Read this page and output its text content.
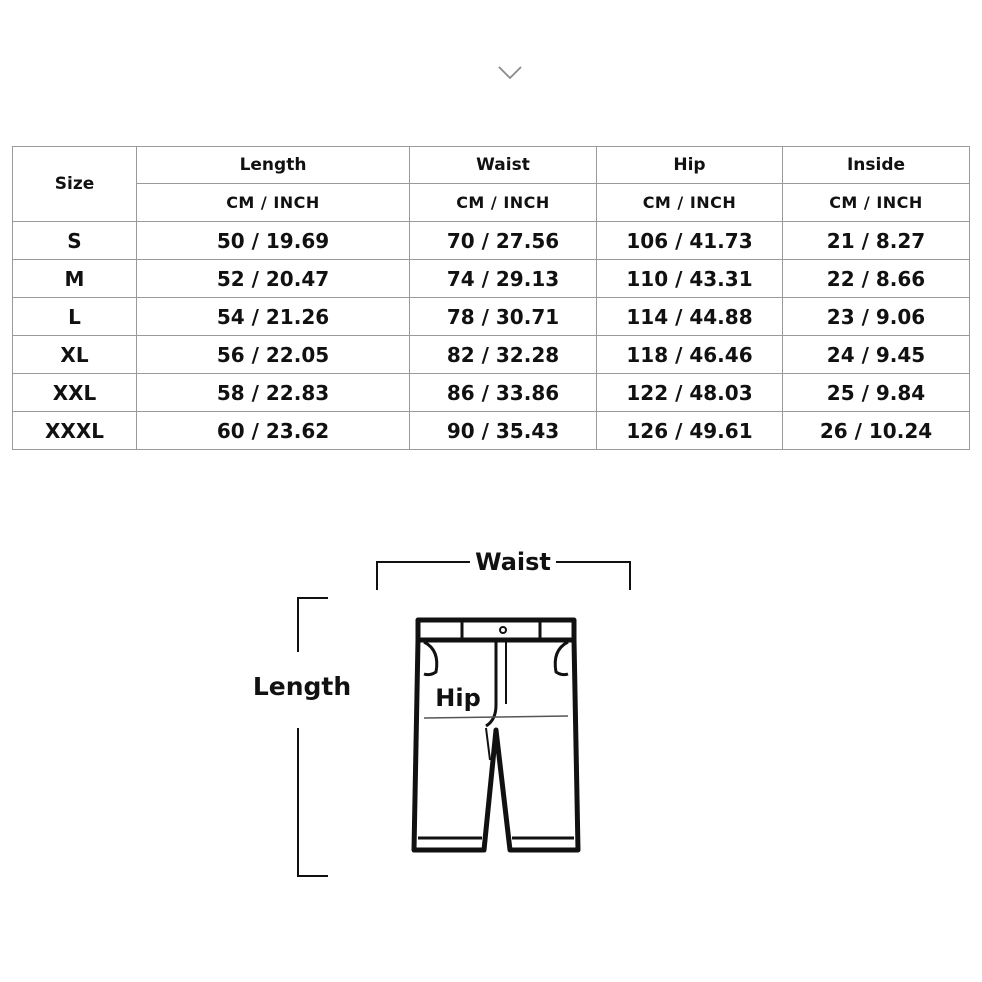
Size	Length	Waist	Hip	Inside
	CM / INCH	CM / INCH	CM / INCH	CM / INCH
S	50 / 19.69	70 / 27.56	106 / 41.73	21 / 8.27
M	52 / 20.47	74 / 29.13	110 / 43.31	22 / 8.66
L	54 / 21.26	78 / 30.71	114 / 44.88	23 / 9.06
XL	56 / 22.05	82 / 32.28	118 / 46.46	24 / 9.45
XXL	58 / 22.83	86 / 33.86	122 / 48.03	25 / 9.84
XXXL	60 / 23.62	90 / 35.43	126 / 49.61	26 / 10.24
Waist
Length	Hip
